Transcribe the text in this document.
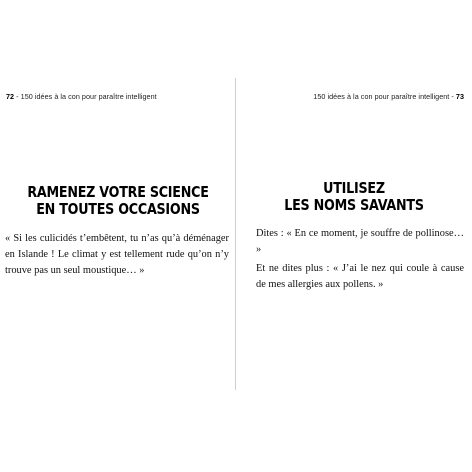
72 - 150 idées à la con pour paraître intelligent
RAMENEZ VOTRE SCIENCE
EN TOUTES OCCASIONS

« Si les culicidés t’embêtent, tu n’as qu’à déménager en Islande ! Le climat y est tellement rude qu’on n’y trouve pas un seul moustique… »

150 idées à la con pour paraître intelligent - 73
UTILISEZ
LES NOMS SAVANTS

Dites : « En ce moment, je souffre de pollinose… »

Et ne dites plus : « J’ai le nez qui coule à cause de mes allergies aux pollens. »
